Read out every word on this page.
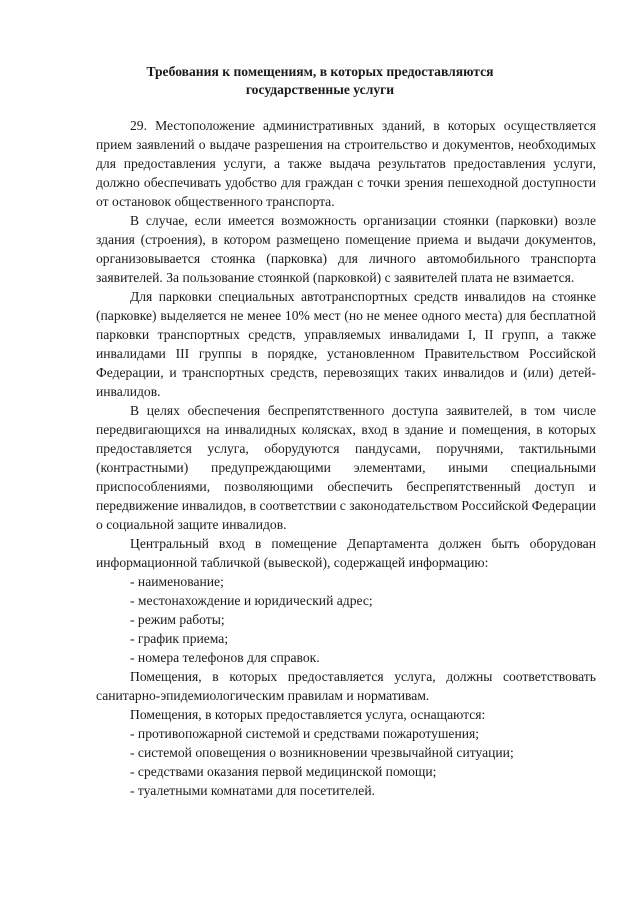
Требования к помещениям, в которых предоставляются государственные услуги

29. Местоположение административных зданий, в которых осуществляется прием заявлений о выдаче разрешения на строительство и документов, необходимых для предоставления услуги, а также выдача результатов предоставления услуги, должно обеспечивать удобство для граждан с точки зрения пешеходной доступности от остановок общественного транспорта.

В случае, если имеется возможность организации стоянки (парковки) возле здания (строения), в котором размещено помещение приема и выдачи документов, организовывается стоянка (парковка) для личного автомобильного транспорта заявителей. За пользование стоянкой (парковкой) с заявителей плата не взимается.

Для парковки специальных автотранспортных средств инвалидов на стоянке (парковке) выделяется не менее 10% мест (но не менее одного места) для бесплатной парковки транспортных средств, управляемых инвалидами I, II групп, а также инвалидами III группы в порядке, установленном Правительством Российской Федерации, и транспортных средств, перевозящих таких инвалидов и (или) детей-инвалидов.

В целях обеспечения беспрепятственного доступа заявителей, в том числе передвигающихся на инвалидных колясках, вход в здание и помещения, в которых предоставляется услуга, оборудуются пандусами, поручнями, тактильными (контрастными) предупреждающими элементами, иными специальными приспособлениями, позволяющими обеспечить беспрепятственный доступ и передвижение инвалидов, в соответствии с законодательством Российской Федерации о социальной защите инвалидов.

Центральный вход в помещение Департамента должен быть оборудован информационной табличкой (вывеской), содержащей информацию:

- наименование;

- местонахождение и юридический адрес;

- режим работы;

- график приема;

- номера телефонов для справок.

Помещения, в которых предоставляется услуга, должны соответствовать санитарно-эпидемиологическим правилам и нормативам.

Помещения, в которых предоставляется услуга, оснащаются:

- противопожарной системой и средствами пожаротушения;

- системой оповещения о возникновении чрезвычайной ситуации;

- средствами оказания первой медицинской помощи;

- туалетными комнатами для посетителей.
